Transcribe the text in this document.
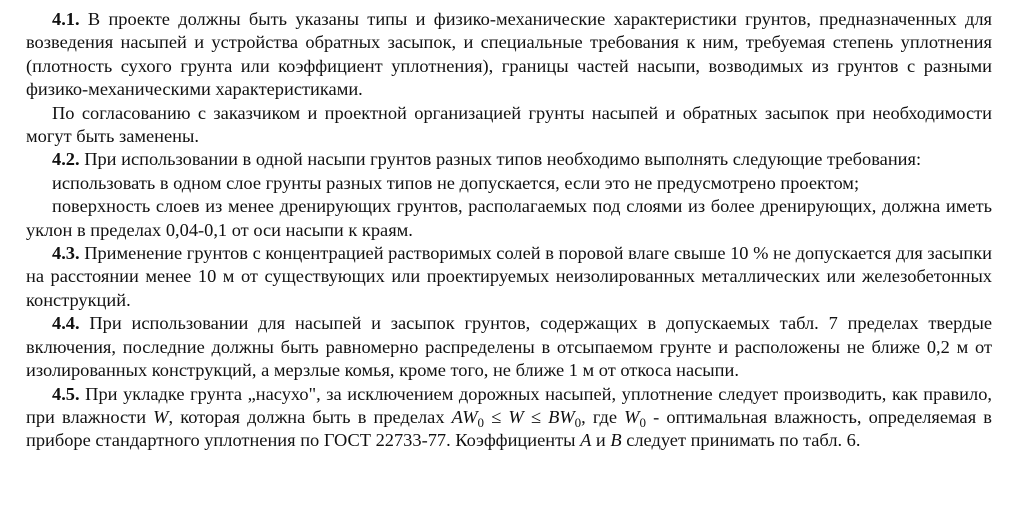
4.1. В проекте должны быть указаны типы и физико-механические характеристики грунтов, предназначенных для возведения насыпей и устройства обратных засыпок, и специальные требования к ним, требуемая степень уплотнения (плотность сухого грунта или коэффициент уплотнения), границы частей насыпи, возводимых из грунтов с разными физико-механическими характеристиками.

По согласованию с заказчиком и проектной организацией грунты насыпей и обратных засыпок при необходимости могут быть заменены.

4.2. При использовании в одной насыпи грунтов разных типов необходимо выполнять следующие требования:

использовать в одном слое грунты разных типов не допускается, если это не предусмотрено проектом;

поверхность слоев из менее дренирующих грунтов, располагаемых под слоями из более дренирующих, должна иметь уклон в пределах 0,04-0,1 от оси насыпи к краям.

4.3. Применение грунтов с концентрацией растворимых солей в поровой влаге свыше 10 % не допускается для засыпки на расстоянии менее 10 м от существующих или проектируемых неизолированных металлических или железобетонных конструкций.

4.4. При использовании для насыпей и засыпок грунтов, содержащих в допускаемых табл. 7 пределах твердые включения, последние должны быть равномерно распределены в отсыпаемом грунте и расположены не ближе 0,2 м от изолированных конструкций, а мерзлые комья, кроме того, не ближе 1 м от откоса насыпи.

4.5. При укладке грунта „насухо", за исключением дорожных насыпей, уплотнение следует производить, как правило, при влажности W, которая должна быть в пределах $AW_0 \le W \le BW_0$, где $W_0$ - оптимальная влажность, определяемая в приборе стандартного уплотнения по ГОСТ 22733-77. Коэффициенты A и B следует принимать по табл. 6.
